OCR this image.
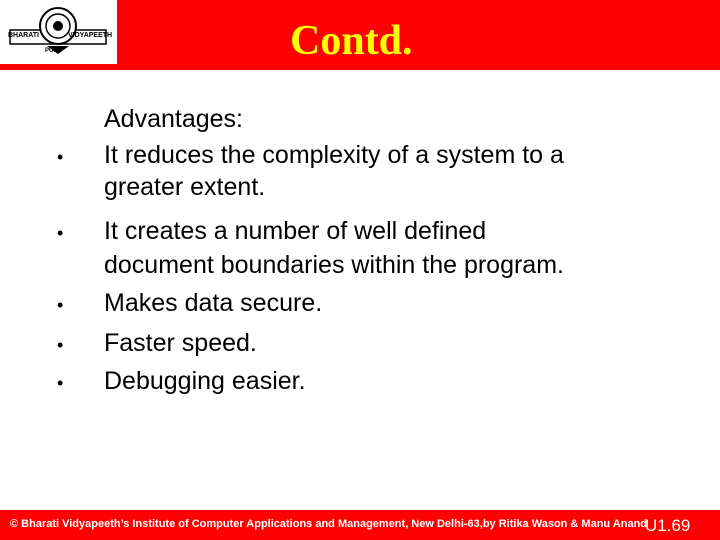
BHARATI	VIDYAPEETH
PUNE	Contd.
Advantages:
• It reduces the complexity of a system to a
greater extent.
• It creates a number of well defined
document boundaries within the program.
• Makes data secure.
• Faster speed.
• Debugging easier.
© Bharati Vidyapeeth’s Institute of Computer Applications and Management, New Delhi-63,by Ritika Wason & Manu Anand
U1.69
